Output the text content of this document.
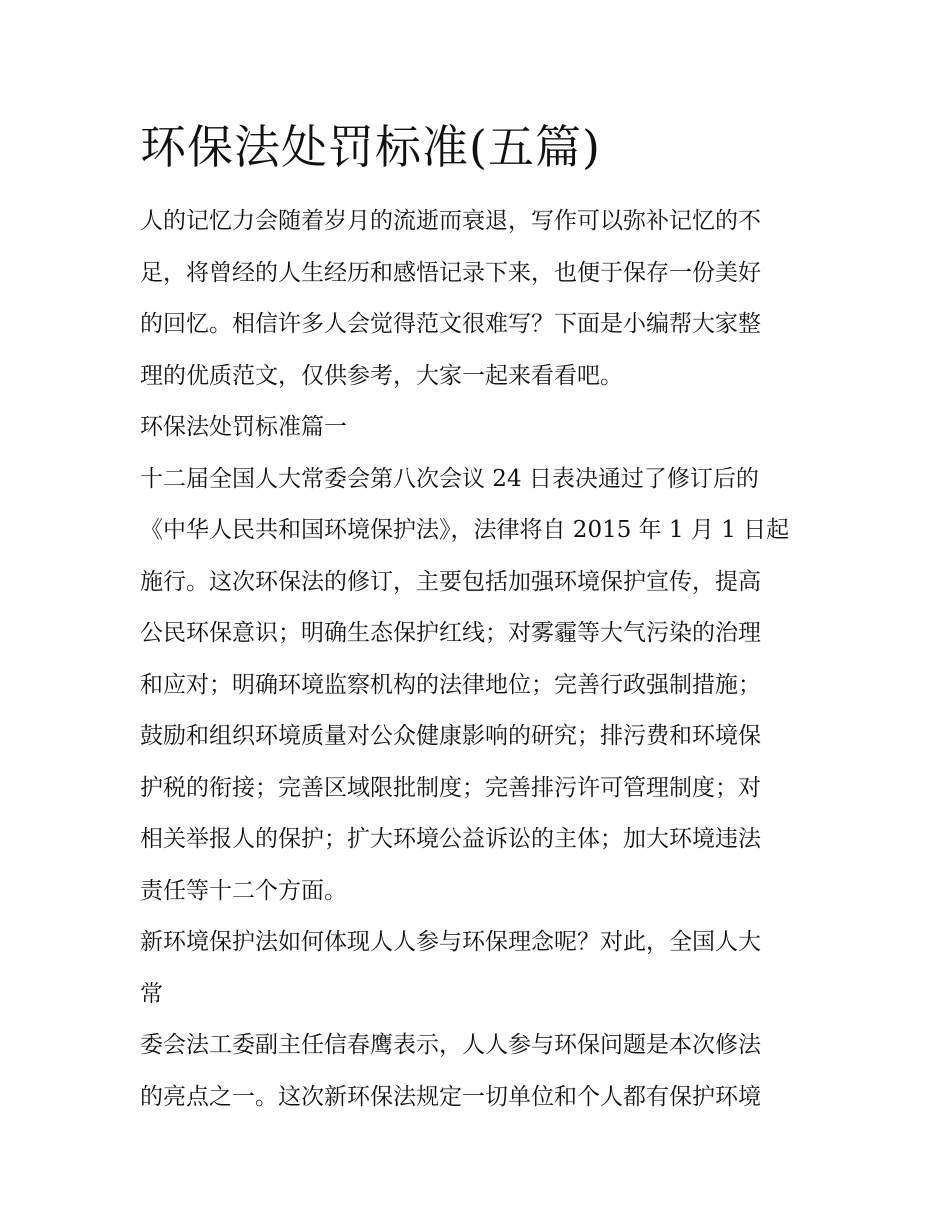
环保法处罚标准(五篇)

人的记忆力会随着岁月的流逝而衰退，写作可以弥补记忆的不
足，将曾经的人生经历和感悟记录下来，也便于保存一份美好
的回忆。相信许多人会觉得范文很难写？下面是小编帮大家整
理的优质范文，仅供参考，大家一起来看看吧。

环保法处罚标准篇一

十二届全国人大常委会第八次会议 24 日表决通过了修订后的
《中华人民共和国环境保护法》，法律将自 2015 年 1 月 1 日起
施行。这次环保法的修订，主要包括加强环境保护宣传，提高
公民环保意识；明确生态保护红线；对雾霾等大气污染的治理
和应对；明确环境监察机构的法律地位；完善行政强制措施；
鼓励和组织环境质量对公众健康影响的研究；排污费和环境保
护税的衔接；完善区域限批制度；完善排污许可管理制度；对
相关举报人的保护；扩大环境公益诉讼的主体；加大环境违法
责任等十二个方面。

新环境保护法如何体现人人参与环保理念呢？对此，全国人大
常

委会法工委副主任信春鹰表示，人人参与环保问题是本次修法
的亮点之一。这次新环保法规定一切单位和个人都有保护环境
